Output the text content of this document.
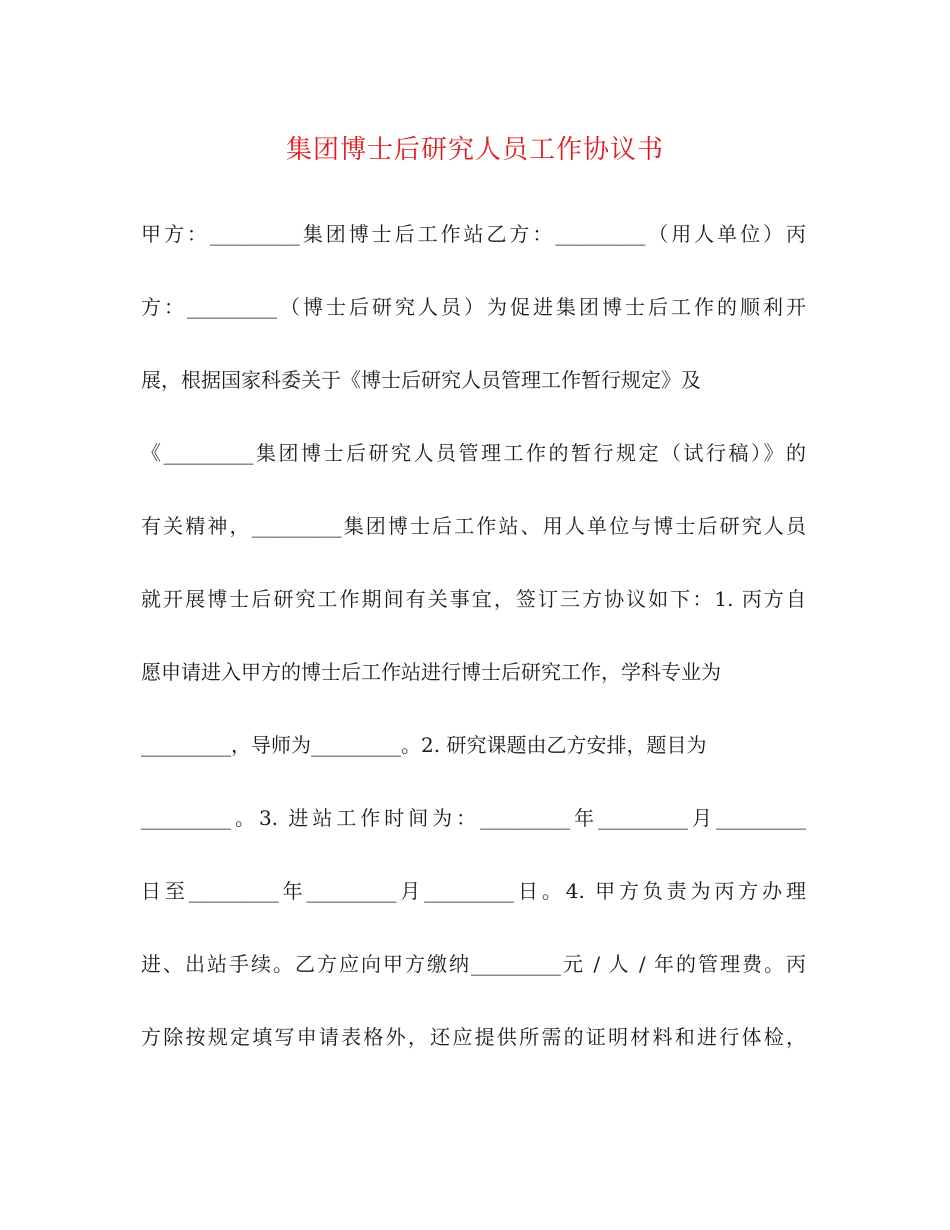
集团博士后研究人员工作协议书
甲方：_________集团博士后工作站乙方：_________（用人单位）丙
方：_________（博士后研究人员）为促进集团博士后工作的顺利开
展，根据国家科委关于《博士后研究人员管理工作暂行规定》及
《_________集团博士后研究人员管理工作的暂行规定（试行稿）》的
有关精神，_________集团博士后工作站、用人单位与博士后研究人员
就开展博士后研究工作期间有关事宜，签订三方协议如下：1. 丙方自
愿申请进入甲方的博士后工作站进行博士后研究工作，学科专业为
_________，导师为_________。2. 研究课题由乙方安排，题目为
_________。3. 进站工作时间为：_________年_________月_________
日至_________年_________月_________日。4. 甲方负责为丙方办理
进、出站手续。乙方应向甲方缴纳_________元 / 人 / 年的管理费。丙
方除按规定填写申请表格外，还应提供所需的证明材料和进行体检，
